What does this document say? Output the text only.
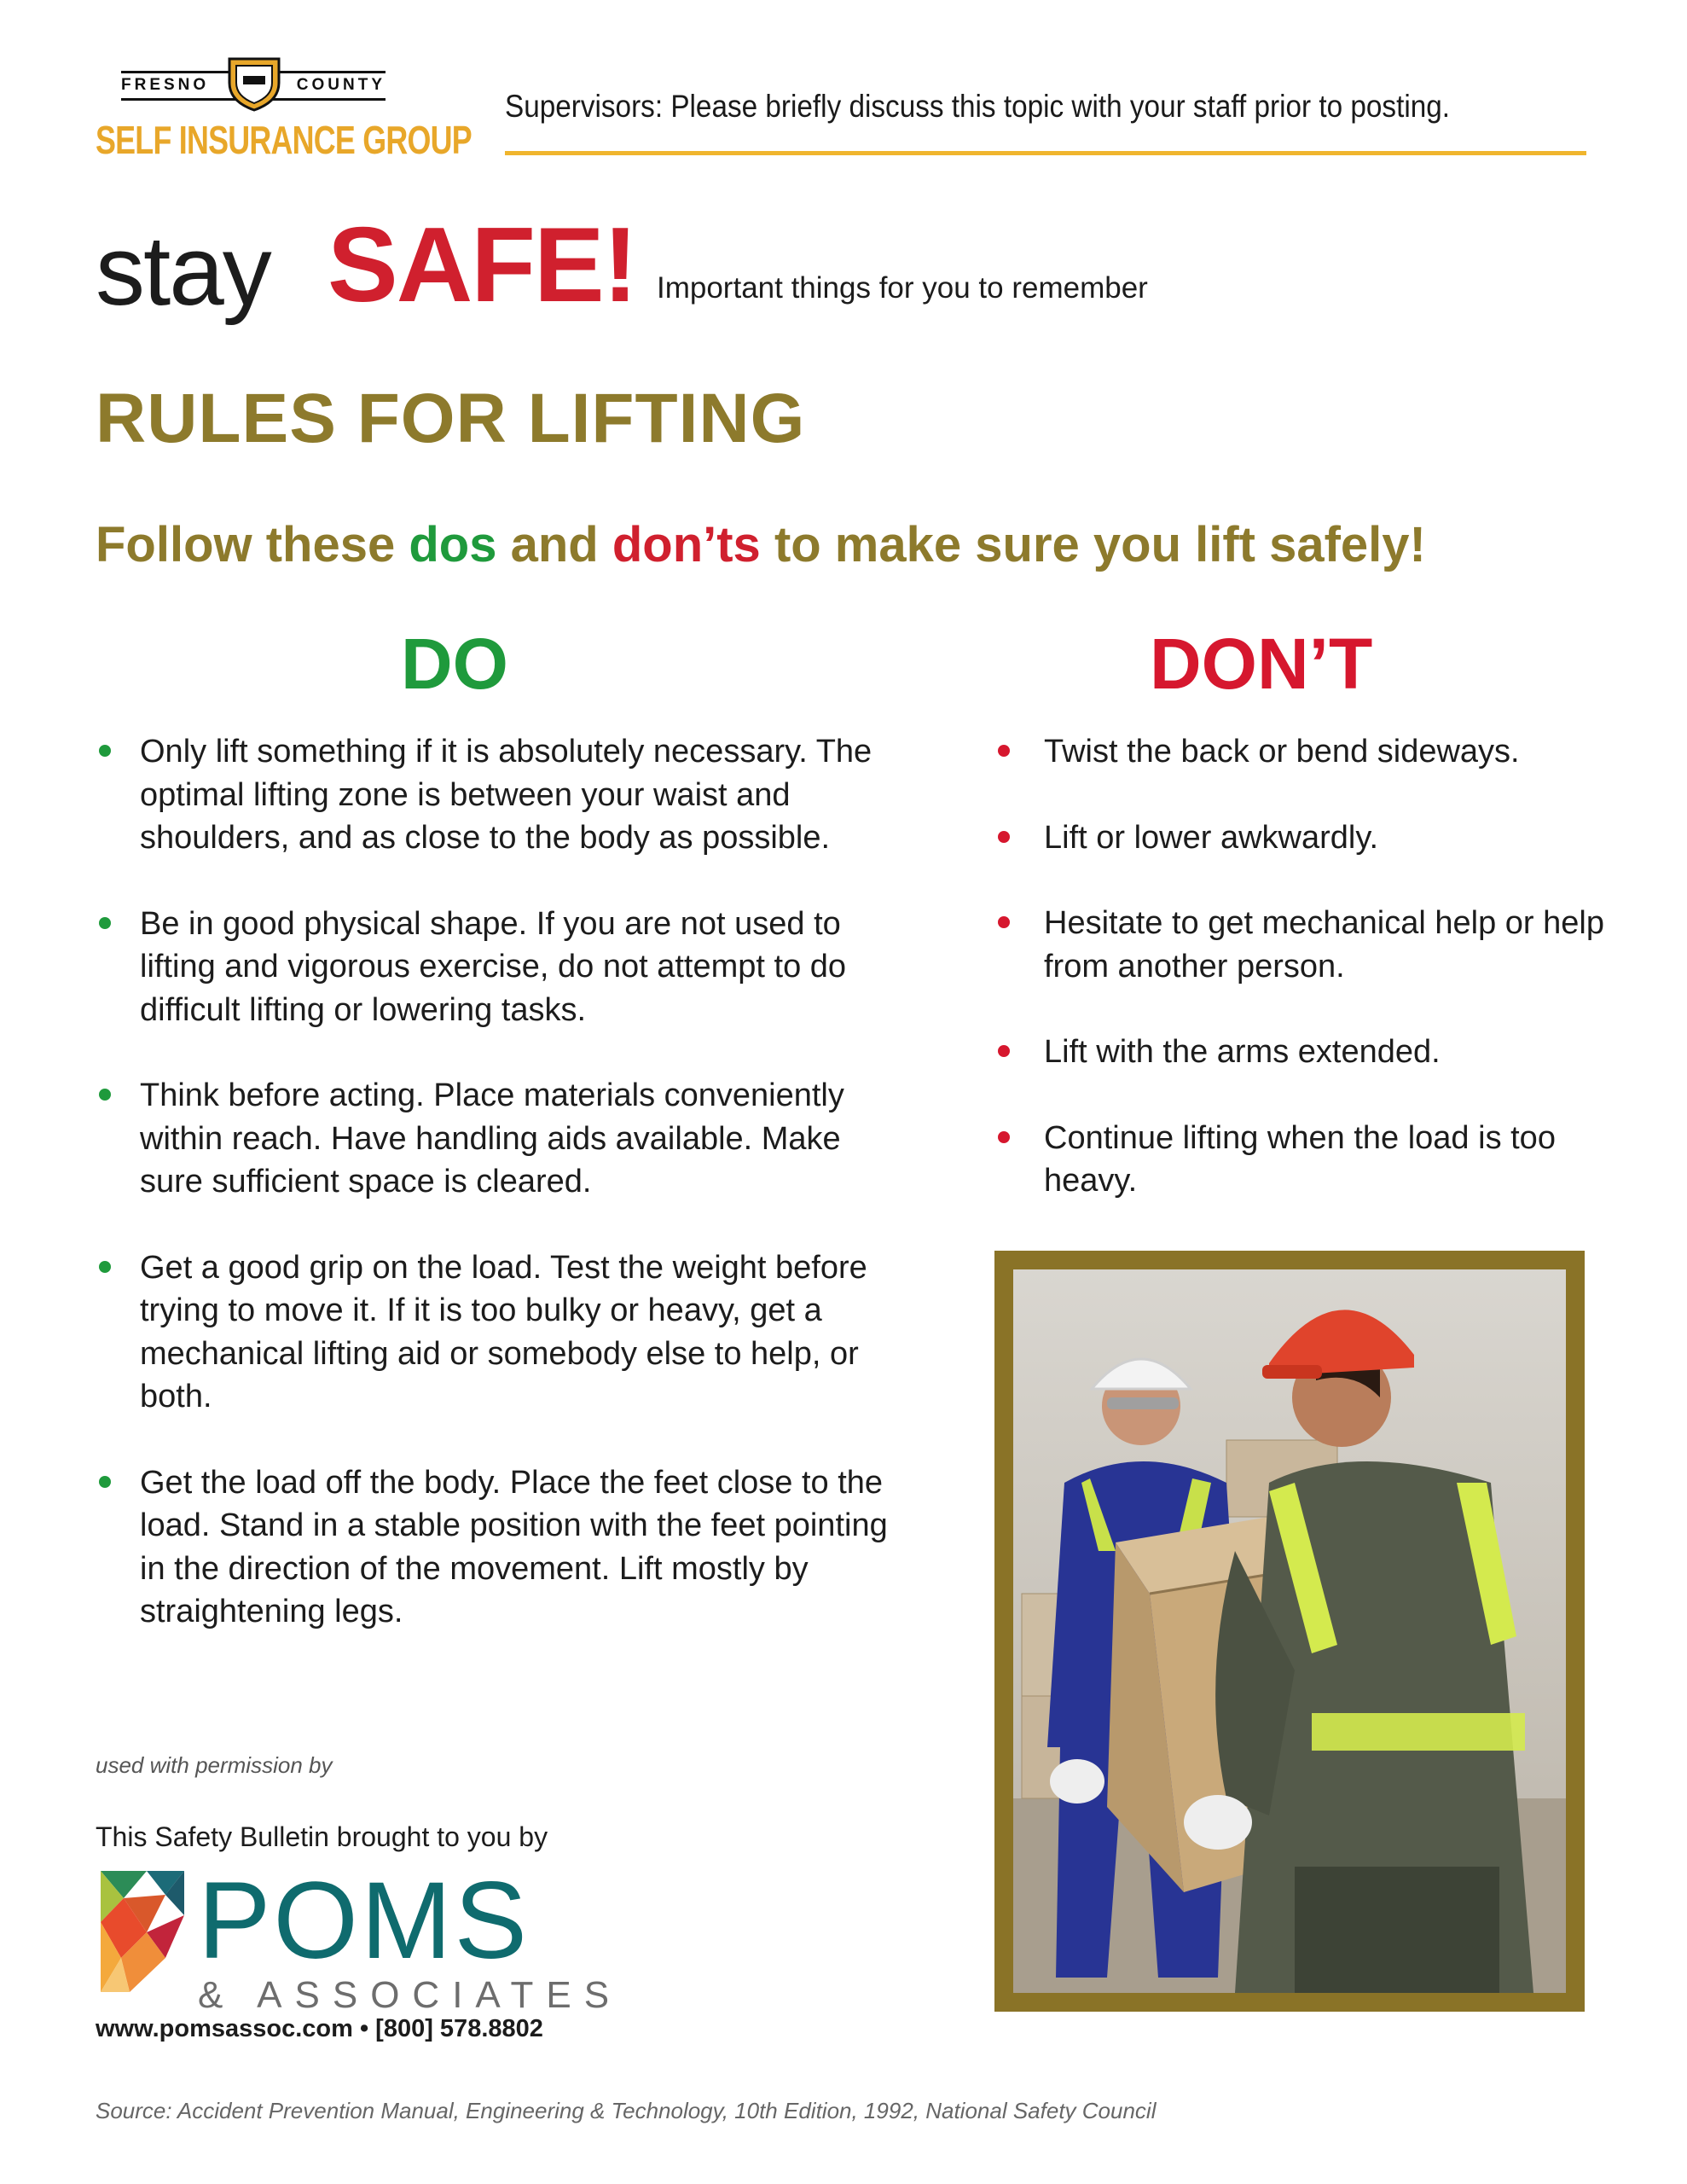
FRESNO	COUNTY
SELF INSURANCE GROUP
Supervisors: Please briefly discuss this topic with your staff prior to posting.
stay SAFE! Important things for you to remember
RULES FOR LIFTING
Follow these dos and don’ts to make sure you lift safely!
DO
Only lift something if it is absolutely necessary. The optimal lifting zone is between your waist and shoulders, and as close to the body as possible.
Be in good physical shape. If you are not used to lifting and vigorous exercise, do not attempt to do difficult lifting or lowering tasks.
Think before acting. Place materials conveniently within reach. Have handling aids available. Make sure sufficient space is cleared.
Get a good grip on the load. Test the weight before trying to move it. If it is too bulky or heavy, get a mechanical lifting aid or somebody else to help, or both.
Get the load off the body. Place the feet close to the load. Stand in a stable position with the feet pointing in the direction of the movement. Lift mostly by straightening legs.
DON’T
Twist the back or bend sideways.
Lift or lower awkwardly.
Hesitate to get mechanical help or help from another person.
Lift with the arms extended.
Continue lifting when the load is too heavy.
used with permission by
This Safety Bulletin brought to you by
POMS
& ASSOCIATES
www.pomsassoc.com • [800] 578.8802
Source: Accident Prevention Manual, Engineering & Technology, 10th Edition, 1992, National Safety Council
